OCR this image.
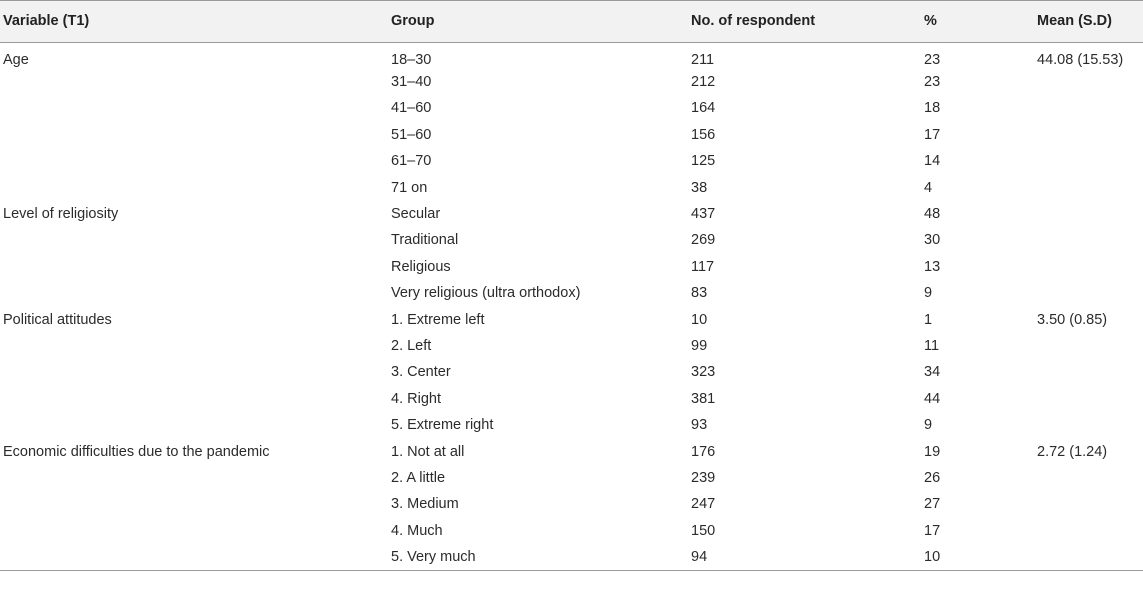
Variable (T1)	Group	No. of respondent	%	Mean (S.D)
Age	18–30	211	23	44.08 (15.53)
	31–40	212	23	
	41–60	164	18	
	51–60	156	17	
	61–70	125	14	
	71 on	38	4	
Level of religiosity	Secular	437	48	
	Traditional	269	30	
	Religious	117	13	
	Very religious (ultra orthodox)	83	9	
Political attitudes	1. Extreme left	10	1	3.50 (0.85)
	2. Left	99	11	
	3. Center	323	34	
	4. Right	381	44	
	5. Extreme right	93	9	
Economic difficulties due to the pandemic	1. Not at all	176	19	2.72 (1.24)
	2. A little	239	26	
	3. Medium	247	27	
	4. Much	150	17	
	5. Very much	94	10	
